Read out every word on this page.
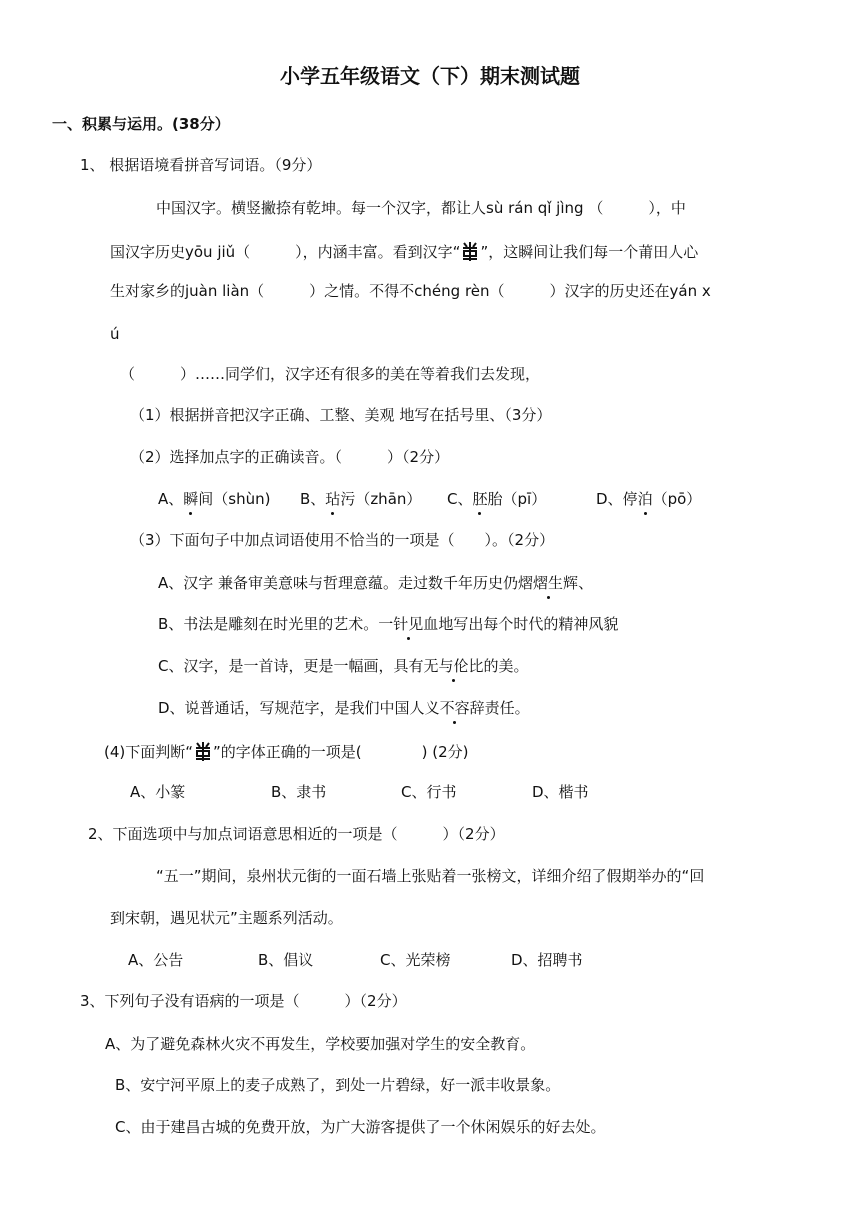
小学五年级语文（下）期末测试题
一、积累与运用。(38分）
1、 根据语境看拼音写词语。（9分）
中国汉字。横竖撇捺有乾坤。每一个汉字，都让人sù rán qǐ jìng （　　　），中
国汉字历史yōu jiǔ（　　　），内涵丰富。看到汉字“ ”，这瞬间让我们每一个莆田人心
生对家乡的juàn liàn（　　　）之情。不得不chéng rèn（　　　）汉字的历史还在yán x
ú
（　　　）……同学们，汉字还有很多的美在等着我们去发现，
（1）根据拼音把汉字正确、工整、美观 地写在括号里、（3分）
（2）选择加点字的正确读音。（　　　）（2分）
A、瞬间（shùn) B、玷污（zhān） C、胚胎（pī）	D、停泊（pō）
（3）下面句子中加点词语使用不恰当的一项是（　　）。（2分）
A、汉字 兼备审美意味与哲理意蕴。走过数千年历史仍熠熠生辉、
B、书法是雕刻在时光里的艺术。一针见血地写出每个时代的精神风貌
C、汉字，是一首诗，更是一幅画，具有无与伦比的美。
D、说普通话，写规范字，是我们中国人义不容辞责任。
(4)下面判断“ ”的字体正确的一项是(　　　　) (2分)
A、小篆	B、隶书	C、行书	D、楷书
2、下面选项中与加点词语意思相近的一项是（　　　）（2分）
“五一”期间，泉州状元街的一面石墙上张贴着一张榜文，详细介绍了假期举办的“回
到宋朝，遇见状元”主题系列活动。
A、公告	B、倡议	C、光荣榜	D、招聘书
3、下列句子没有语病的一项是（　　　）（2分）
A、为了避免森林火灾不再发生，学校要加强对学生的安全教育。
B、安宁河平原上的麦子成熟了，到处一片碧绿，好一派丰收景象。
C、由于建昌古城的免费开放，为广大游客提供了一个休闲娱乐的好去处。
